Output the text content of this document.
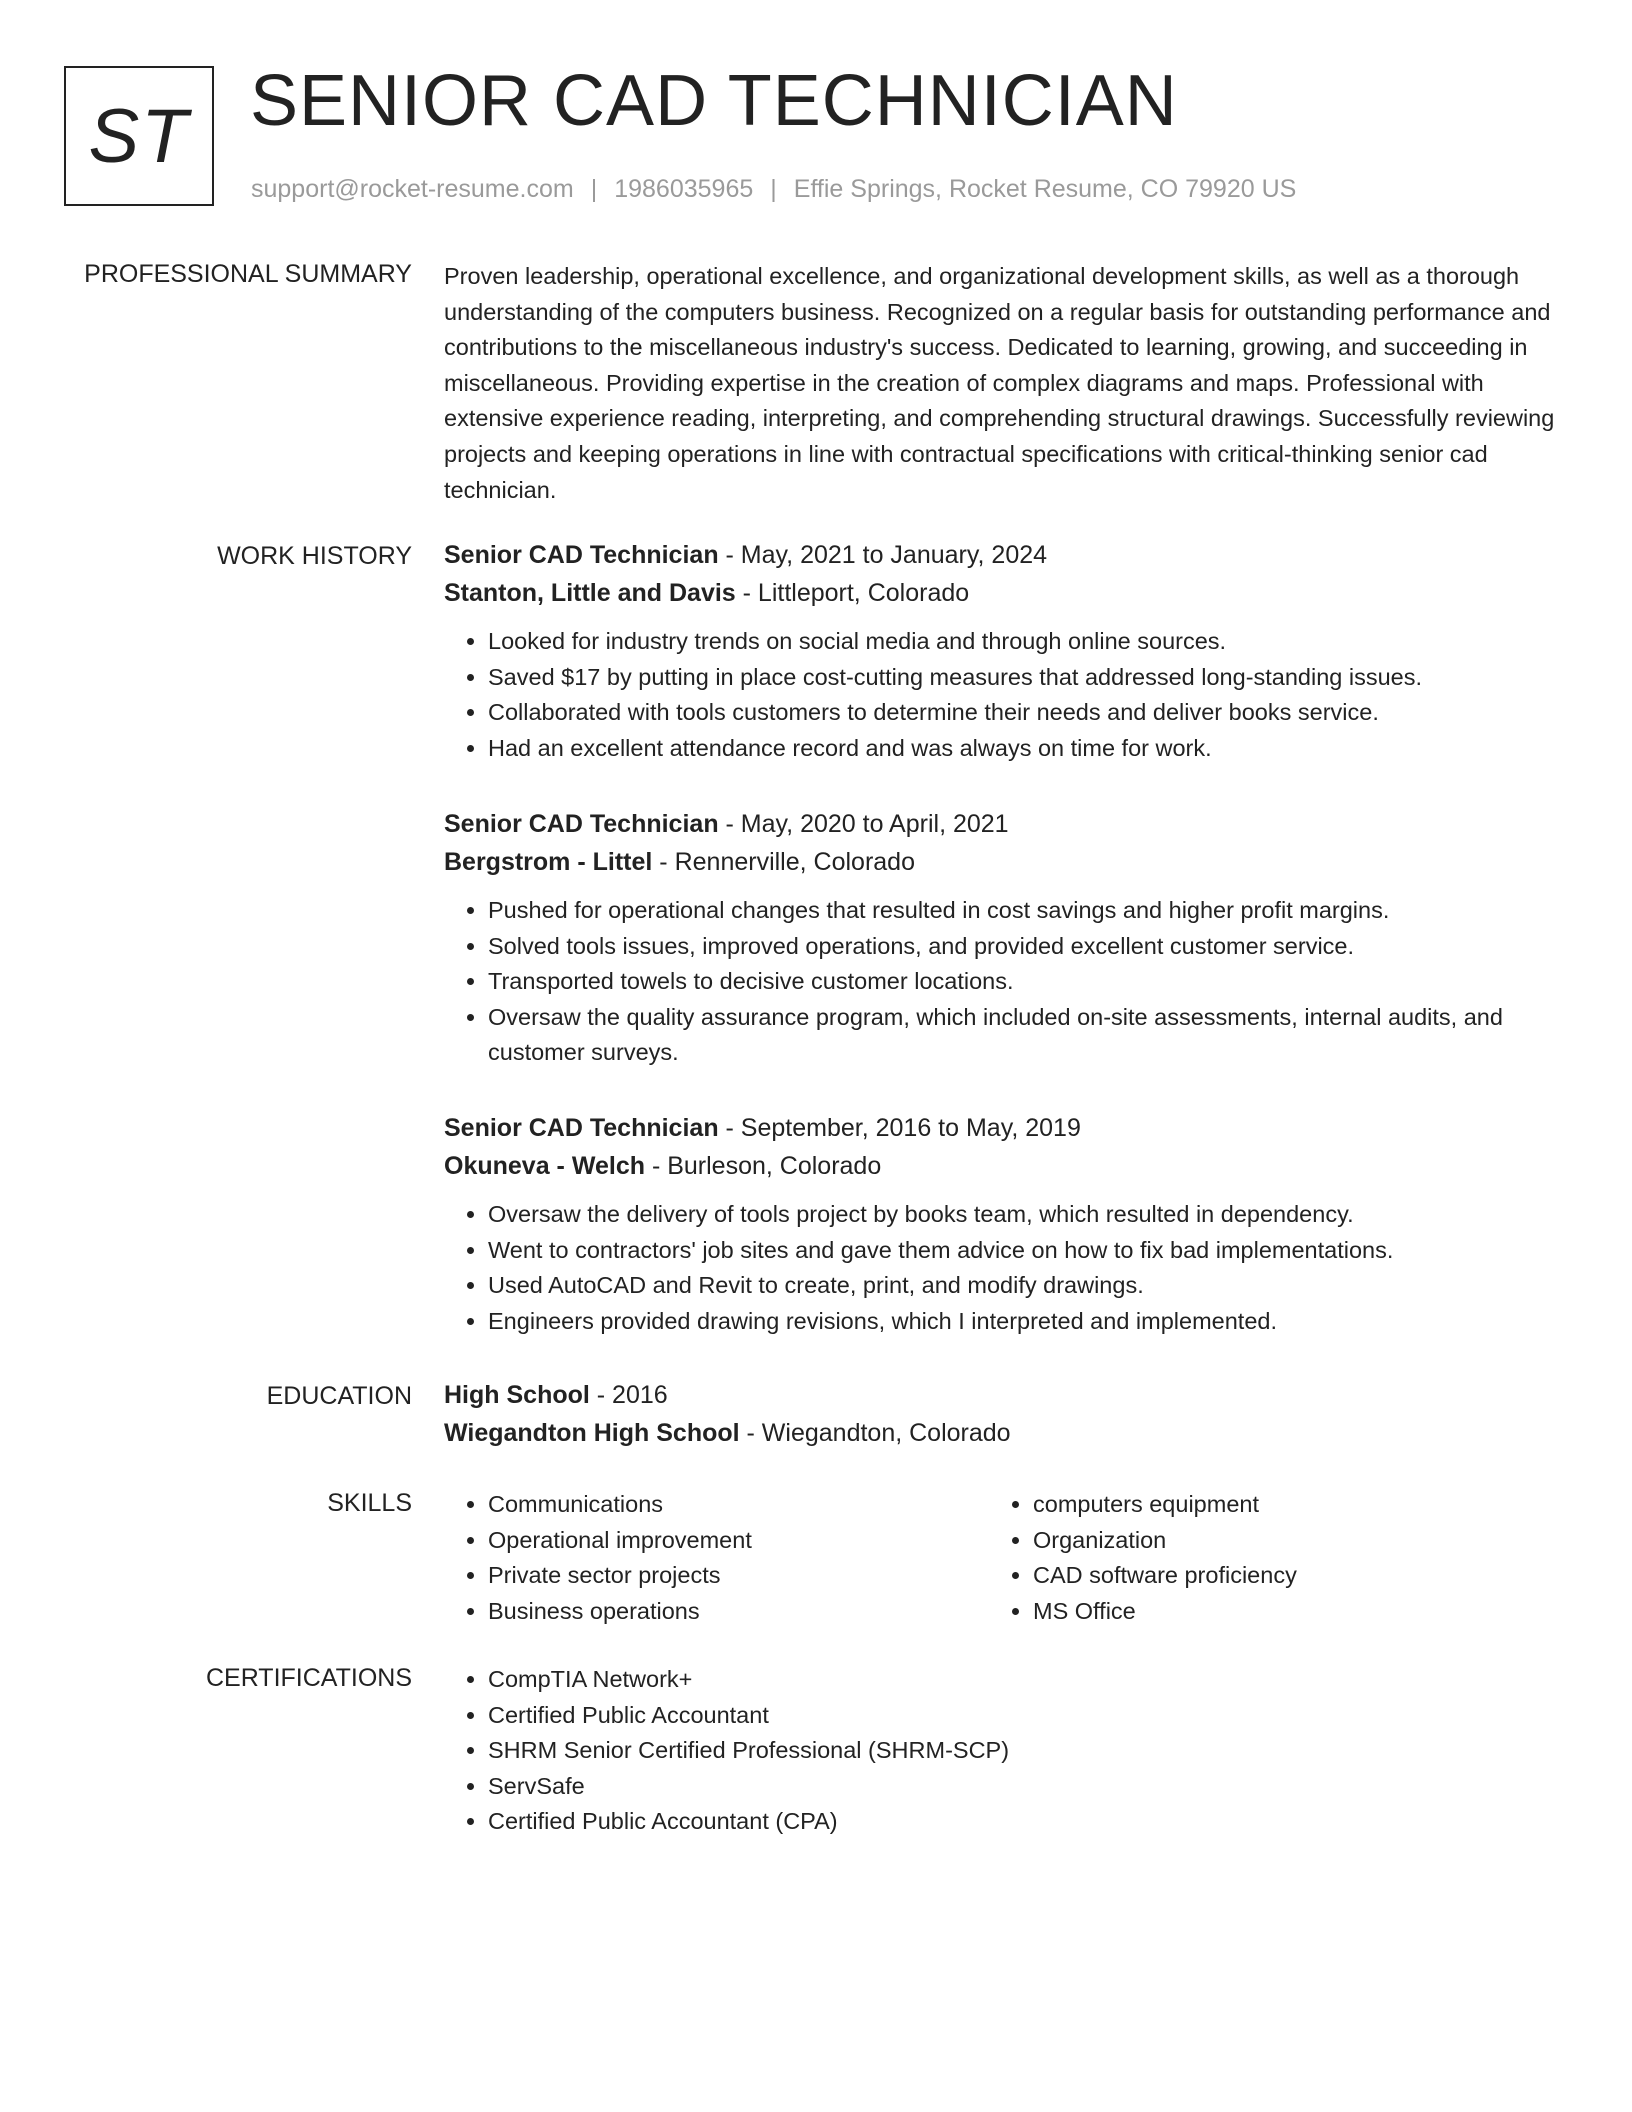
ST SENIOR CAD TECHNICIAN
support@rocket-resume.com | 1986035965 | Effie Springs, Rocket Resume, CO 79920 US
PROFESSIONAL SUMMARY Proven leadership, operational excellence, and organizational development skills, as well as a thorough understanding of the computers business. Recognized on a regular basis for outstanding performance and contributions to the miscellaneous industry's success. Dedicated to learning, growing, and succeeding in miscellaneous. Providing expertise in the creation of complex diagrams and maps. Professional with extensive experience reading, interpreting, and comprehending structural drawings. Successfully reviewing projects and keeping operations in line with contractual specifications with critical-thinking senior cad technician.

WORK HISTORY Senior CAD Technician - May, 2021 to January, 2024
Stanton, Little and Davis - Littleport, Colorado
• Looked for industry trends on social media and through online sources.
• Saved $17 by putting in place cost-cutting measures that addressed long-standing issues.
• Collaborated with tools customers to determine their needs and deliver books service.
• Had an excellent attendance record and was always on time for work.
Senior CAD Technician - May, 2020 to April, 2021
Bergstrom - Littel - Rennerville, Colorado
• Pushed for operational changes that resulted in cost savings and higher profit margins.
• Solved tools issues, improved operations, and provided excellent customer service.
• Transported towels to decisive customer locations.
• Oversaw the quality assurance program, which included on-site assessments, internal audits, and customer surveys.
Senior CAD Technician - September, 2016 to May, 2019
Okuneva - Welch - Burleson, Colorado
• Oversaw the delivery of tools project by books team, which resulted in dependency.
• Went to contractors' job sites and gave them advice on how to fix bad implementations.
• Used AutoCAD and Revit to create, print, and modify drawings.
• Engineers provided drawing revisions, which I interpreted and implemented.
EDUCATION High School - 2016
Wiegandton High School - Wiegandton, Colorado
SKILLS	• Communications
• Operational improvement
• Private sector projects
• Business operations
• computers equipment
• Organization
• CAD software proficiency
• MS Office
CERTIFICATIONS	• CompTIA Network+
• Certified Public Accountant
• SHRM Senior Certified Professional (SHRM-SCP)
• ServSafe
• Certified Public Accountant (CPA)
